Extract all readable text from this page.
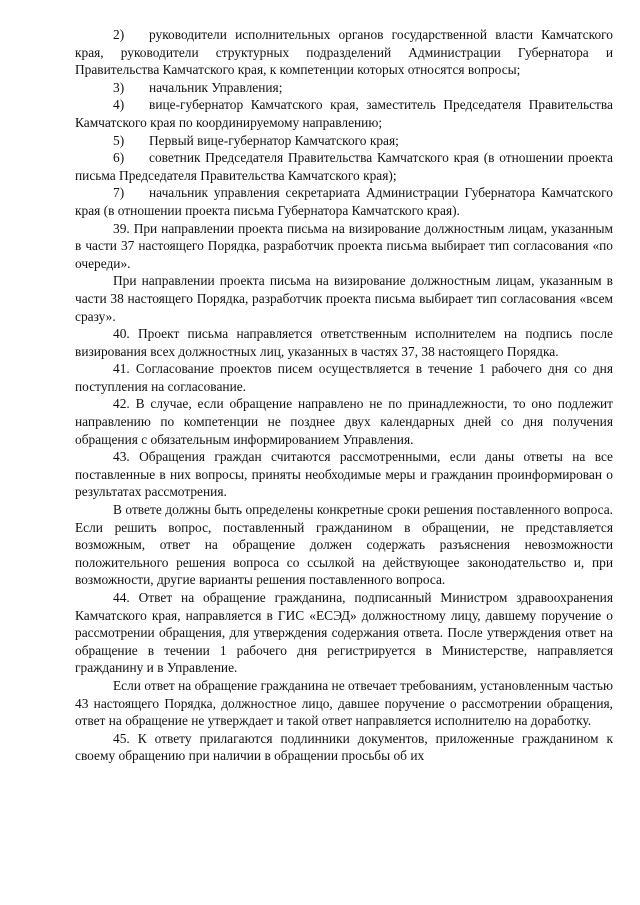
2) руководители исполнительных органов государственной власти Камчатского края, руководители структурных подразделений Администрации Губернатора и Правительства Камчатского края, к компетенции которых относятся вопросы;

3) начальник Управления;

4) вице-губернатор Камчатского края, заместитель Председателя Правительства Камчатского края по координируемому направлению;

5) Первый вице-губернатор Камчатского края;

6) советник Председателя Правительства Камчатского края (в отношении проекта письма Председателя Правительства Камчатского края);

7) начальник управления секретариата Администрации Губернатора Камчатского края (в отношении проекта письма Губернатора Камчатского края).

39. При направлении проекта письма на визирование должностным лицам, указанным в части 37 настоящего Порядка, разработчик проекта письма выбирает тип согласования «по очереди».

При направлении проекта письма на визирование должностным лицам, указанным в части 38 настоящего Порядка, разработчик проекта письма выбирает тип согласования «всем сразу».

40. Проект письма направляется ответственным исполнителем на подпись после визирования всех должностных лиц, указанных в частях 37, 38 настоящего Порядка.

41. Согласование проектов писем осуществляется в течение 1 рабочего дня со дня поступления на согласование.

42. В случае, если обращение направлено не по принадлежности, то оно подлежит направлению по компетенции не позднее двух календарных дней со дня получения обращения с обязательным информированием Управления.

43. Обращения граждан считаются рассмотренными, если даны ответы на все поставленные в них вопросы, приняты необходимые меры и гражданин проинформирован о результатах рассмотрения.

В ответе должны быть определены конкретные сроки решения поставленного вопроса. Если решить вопрос, поставленный гражданином в обращении, не представляется возможным, ответ на обращение должен содержать разъяснения невозможности положительного решения вопроса со ссылкой на действующее законодательство и, при возможности, другие варианты решения поставленного вопроса.

44. Ответ на обращение гражданина, подписанный Министром здравоохранения Камчатского края, направляется в ГИС «ЕСЭД» должностному лицу, давшему поручение о рассмотрении обращения, для утверждения содержания ответа. После утверждения ответ на обращение в течении 1 рабочего дня регистрируется в Министерстве, направляется гражданину и в Управление.

Если ответ на обращение гражданина не отвечает требованиям, установленным частью 43 настоящего Порядка, должностное лицо, давшее поручение о рассмотрении обращения, ответ на обращение не утверждает и такой ответ направляется исполнителю на доработку.

45. К ответу прилагаются подлинники документов, приложенные гражданином к своему обращению при наличии в обращении просьбы об их
